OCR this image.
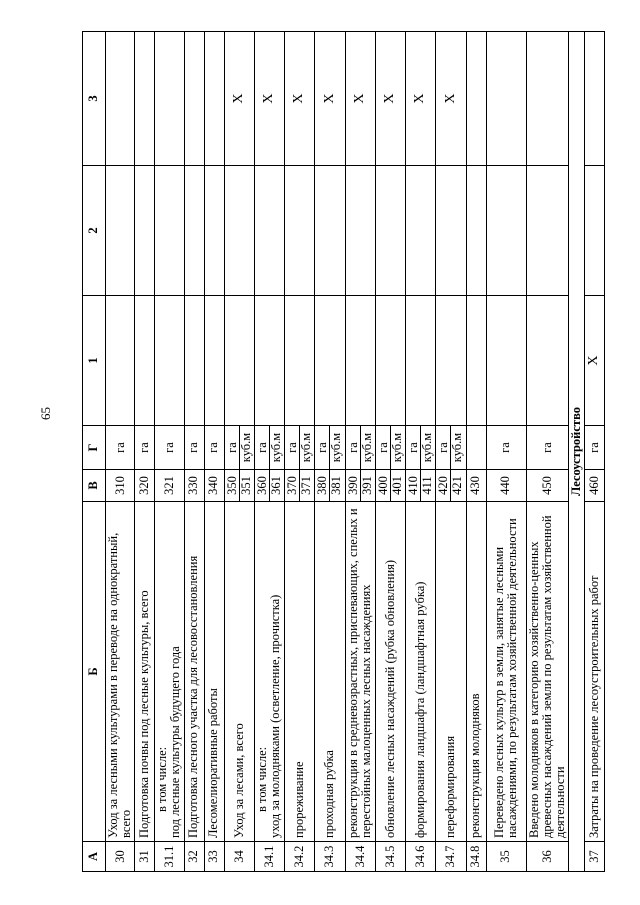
65
А	Б	В	Г	1	2	3
30	Уход за лесными культурами в переводе на однократный, всего	310	га			
31	Подготовка почвы под лесные культуры, всего	320	га			
31.1	в том числе: под лесные культуры будущего года	321	га			
32	Подготовка лесного участка для лесовосстановления	330	га			
33	Лесомелиоративные работы	340	га			
34	Уход за лесами, всего	350 351	га куб.м			X
34.1	в том числе: уход за молодняками (осветление, прочистка)	360 361	га куб.м			X
34.2	прореживание	370 371	га куб.м			X
34.3	проходная рубка	380 381	га куб.м			X
34.4	реконструкция в средневозрастных, приспевающих, спелых и перестойных малоценных лесных насаждениях	390 391	га куб.м			X
34.5	обновление лесных насаждений (рубка обновления)	400 401	га куб.м			X
34.6	формирования ландшафта (ландшафтная рубка)	410 411	га куб.м			X
34.7	переформирования	420 421	га куб.м			X
34.8	реконструкция молодняков	430				
35	Переведено лесных культур в земли, занятые лесными насаждениями, по результатам хозяйственной деятельности	440	га			
36	Введено молодняков в категорию хозяйственно-ценных древесных насаждений земли по результатам хозяйственной деятельности	450	га			
Лесоустройство						
37	Затраты на проведение лесоустроительных работ	460	га	X		
